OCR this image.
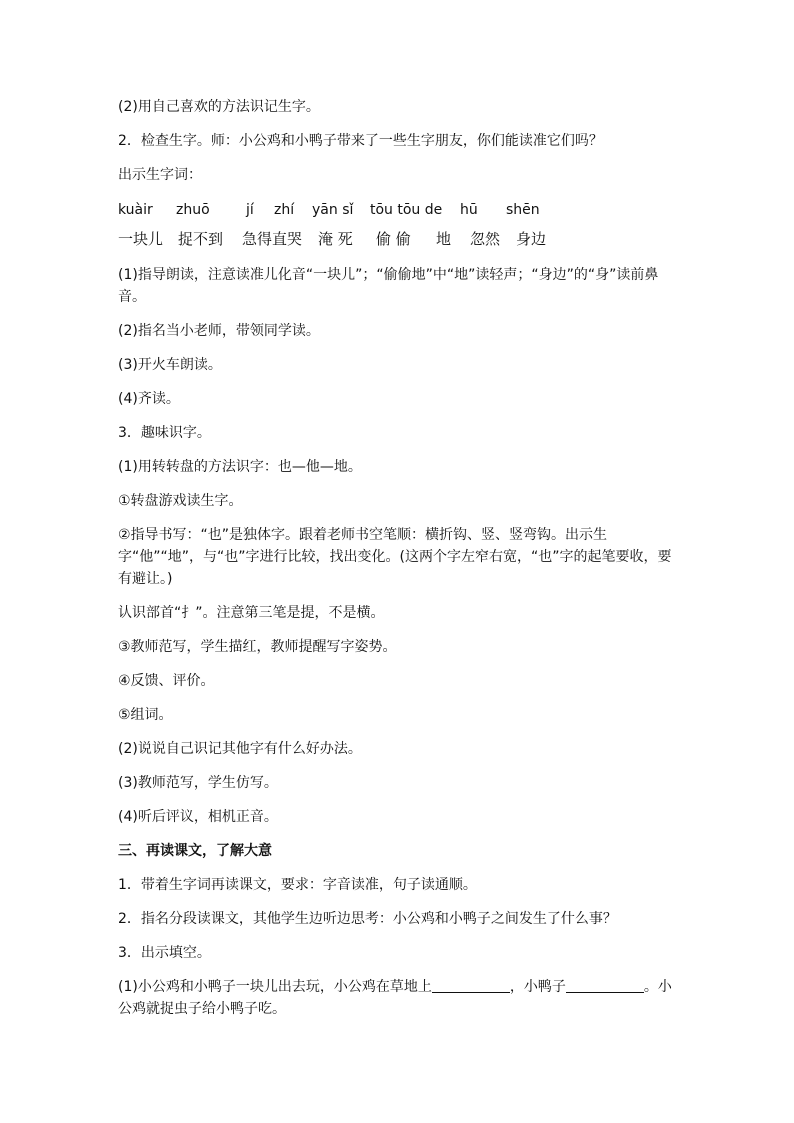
(2)用自己喜欢的方法识记生字。

2．检查生字。师：小公鸡和小鸭子带来了一些生字朋友，你们能读准它们吗？

出示生字词：

kuàir	zhuō	jí	zhí	yān sǐ	tōu tōu de	hū	shēn
一块儿 捉不到	急得直哭	淹 死	偷 偷	地	忽然	身边

(1)指导朗读，注意读准儿化音“一块儿”；“偷偷地”中“地”读轻声；“身边”的“身”读前鼻音。

(2)指名当小老师，带领同学读。

(3)开火车朗读。

(4)齐读。

3．趣味识字。

(1)用转转盘的方法识字：也—他—地。

①转盘游戏读生字。

②指导书写：“也”是独体字。跟着老师书空笔顺：横折钩、竖、竖弯钩。出示生字“他”“地”，与“也”字进行比较，找出变化。(这两个字左窄右宽，“也”字的起笔要收，要有避让。)

认识部首“扌”。注意第三笔是提，不是横。

③教师范写，学生描红，教师提醒写字姿势。

④反馈、评价。

⑤组词。

(2)说说自己识记其他字有什么好办法。

(3)教师范写，学生仿写。

(4)听后评议，相机正音。

三、再读课文，了解大意

1．带着生字词再读课文，要求：字音读准，句子读通顺。

2．指名分段读课文，其他学生边听边思考：小公鸡和小鸭子之间发生了什么事？

3．出示填空。

(1)小公鸡和小鸭子一块儿出去玩，小公鸡在草地上	，小鸭子	。小公鸡就捉虫子给小鸭子吃。
